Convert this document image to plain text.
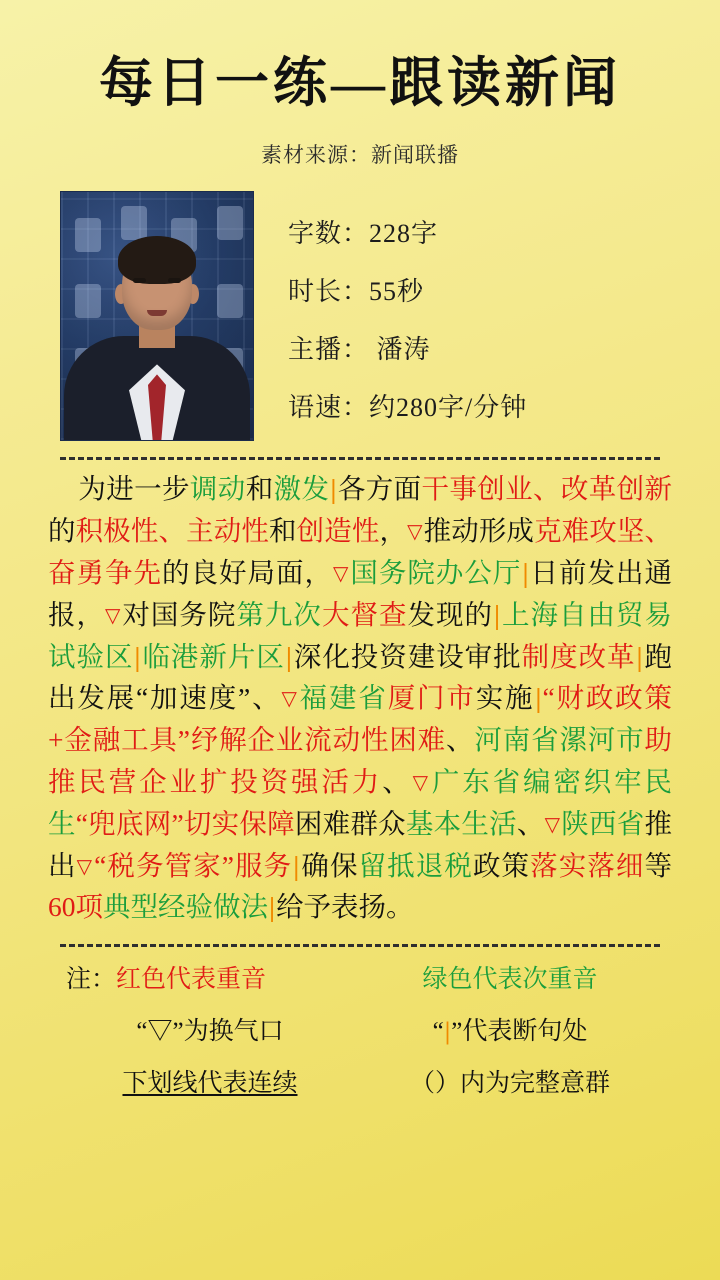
每日一练—跟读新闻
素材来源：新闻联播
字数：228字
时长：55秒
主播： 潘涛
语速：约280字/分钟
为进一步调动和激发|各方面干事创业、改革创新的积极性、主动性和创造性，▽推动形成克难攻坚、奋勇争先的良好局面，▽国务院办公厅|日前发出通报，▽对国务院第九次大督查发现的|上海自由贸易试验区|临港新片区|深化投资建设审批制度改革|跑出发展“加速度”、▽福建省厦门市实施|“财政政策+金融工具”纾解企业流动性困难、河南省漯河市助推民营企业扩投资强活力、▽广东省编密织牢民生“兜底网”切实保障困难群众基本生活、▽陕西省推出▽“税务管家”服务|确保留抵退税政策落实落细等60项典型经验做法|给予表扬。
注：红色代表重音	绿色代表次重音
“▽”为换气口	“|”代表断句处
下划线代表连续	（）内为完整意群
